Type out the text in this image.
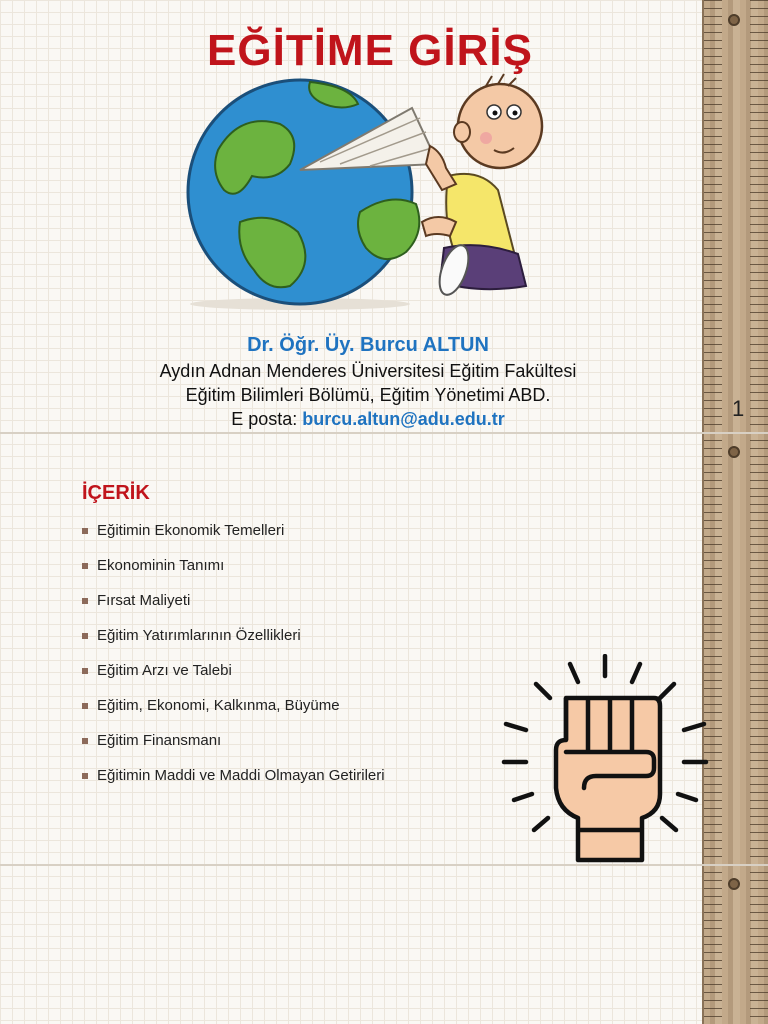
EĞİTİME GİRİŞ
Dr. Öğr. Üy. Burcu ALTUN
Aydın Adnan Menderes Üniversitesi Eğitim Fakültesi
Eğitim Bilimleri Bölümü, Eğitim Yönetimi ABD.
E posta: burcu.altun@adu.edu.tr	1
İÇERİK
Eğitimin Ekonomik Temelleri
Ekonominin Tanımı
Fırsat Maliyeti
Eğitim Yatırımlarının Özellikleri
Eğitim Arzı ve Talebi
Eğitim, Ekonomi, Kalkınma, Büyüme
Eğitim Finansmanı
Eğitimin Maddi ve Maddi Olmayan Getirileri
